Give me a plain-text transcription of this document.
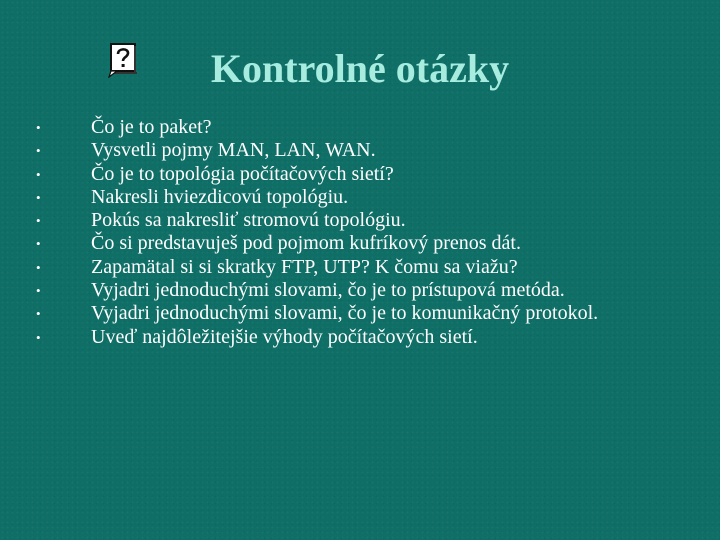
Kontrolné otázky
•	Čo je to paket?
•	Vysvetli pojmy MAN, LAN, WAN.
•	Čo je to topológia počítačových sietí?
•	Nakresli hviezdicovú topológiu.
•	Pokús sa nakresliť stromovú topológiu.
•	Čo si predstavuješ pod pojmom kufríkový prenos dát.
•	Zapamätal si si skratky FTP, UTP? K čomu sa viažu?
•	Vyjadri jednoduchými slovami, čo je to prístupová metóda.
•	Vyjadri jednoduchými slovami, čo je to komunikačný protokol.
•	Uveď najdôležitejšie výhody počítačových sietí.
